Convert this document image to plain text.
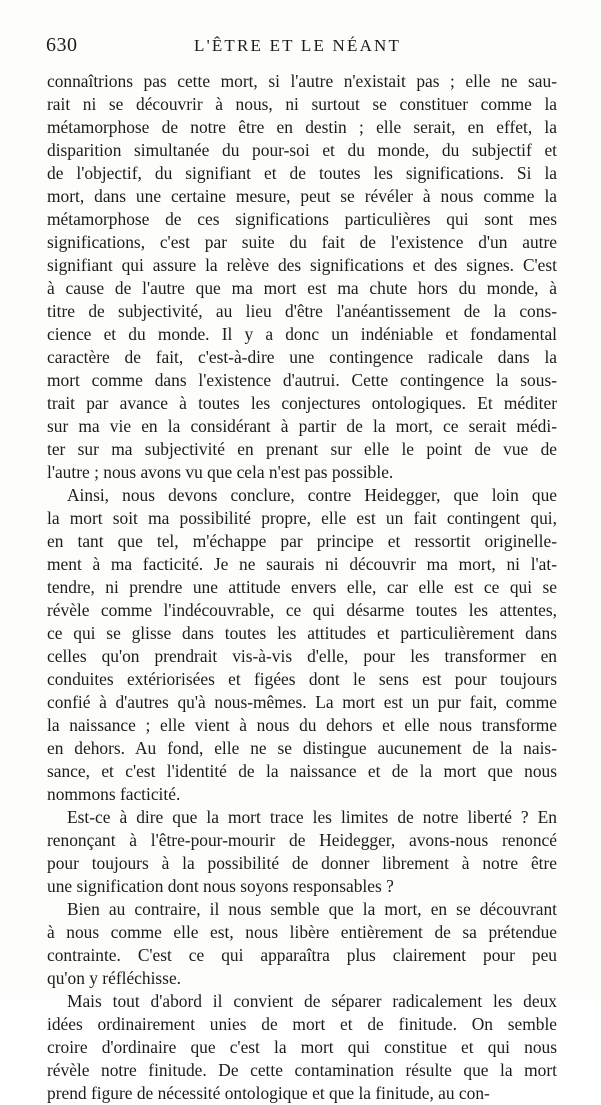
630	L'ÊTRE ET LE NÉANT
connaîtrions pas cette mort, si l'autre n'existait pas ; elle ne sau-
rait ni se découvrir à nous, ni surtout se constituer comme la
métamorphose de notre être en destin ; elle serait, en effet, la
disparition simultanée du pour-soi et du monde, du subjectif et
de l'objectif, du signifiant et de toutes les significations. Si la
mort, dans une certaine mesure, peut se révéler à nous comme la
métamorphose de ces significations particulières qui sont mes
significations, c'est par suite du fait de l'existence d'un autre
signifiant qui assure la relève des significations et des signes. C'est
à cause de l'autre que ma mort est ma chute hors du monde, à
titre de subjectivité, au lieu d'être l'anéantissement de la cons-
cience et du monde. Il y a donc un indéniable et fondamental
caractère de fait, c'est-à-dire une contingence radicale dans la
mort comme dans l'existence d'autrui. Cette contingence la sous-
trait par avance à toutes les conjectures ontologiques. Et méditer
sur ma vie en la considérant à partir de la mort, ce serait médi-
ter sur ma subjectivité en prenant sur elle le point de vue de
l'autre ; nous avons vu que cela n'est pas possible.
Ainsi, nous devons conclure, contre Heidegger, que loin que
la mort soit ma possibilité propre, elle est un fait contingent qui,
en tant que tel, m'échappe par principe et ressortit originelle-
ment à ma facticité. Je ne saurais ni découvrir ma mort, ni l'at-
tendre, ni prendre une attitude envers elle, car elle est ce qui se
révèle comme l'indécouvrable, ce qui désarme toutes les attentes,
ce qui se glisse dans toutes les attitudes et particulièrement dans
celles qu'on prendrait vis-à-vis d'elle, pour les transformer en
conduites extériorisées et figées dont le sens est pour toujours
confié à d'autres qu'à nous-mêmes. La mort est un pur fait, comme
la naissance ; elle vient à nous du dehors et elle nous transforme
en dehors. Au fond, elle ne se distingue aucunement de la nais-
sance, et c'est l'identité de la naissance et de la mort que nous
nommons facticité.
Est-ce à dire que la mort trace les limites de notre liberté ? En
renonçant à l'être-pour-mourir de Heidegger, avons-nous renoncé
pour toujours à la possibilité de donner librement à notre être
une signification dont nous soyons responsables ?
Bien au contraire, il nous semble que la mort, en se découvrant
à nous comme elle est, nous libère entièrement de sa prétendue
contrainte. C'est ce qui apparaîtra plus clairement pour peu
qu'on y réfléchisse.
Mais tout d'abord il convient de séparer radicalement les deux
idées ordinairement unies de mort et de finitude. On semble
croire d'ordinaire que c'est la mort qui constitue et qui nous
révèle notre finitude. De cette contamination résulte que la mort
prend figure de nécessité ontologique et que la finitude, au con-
